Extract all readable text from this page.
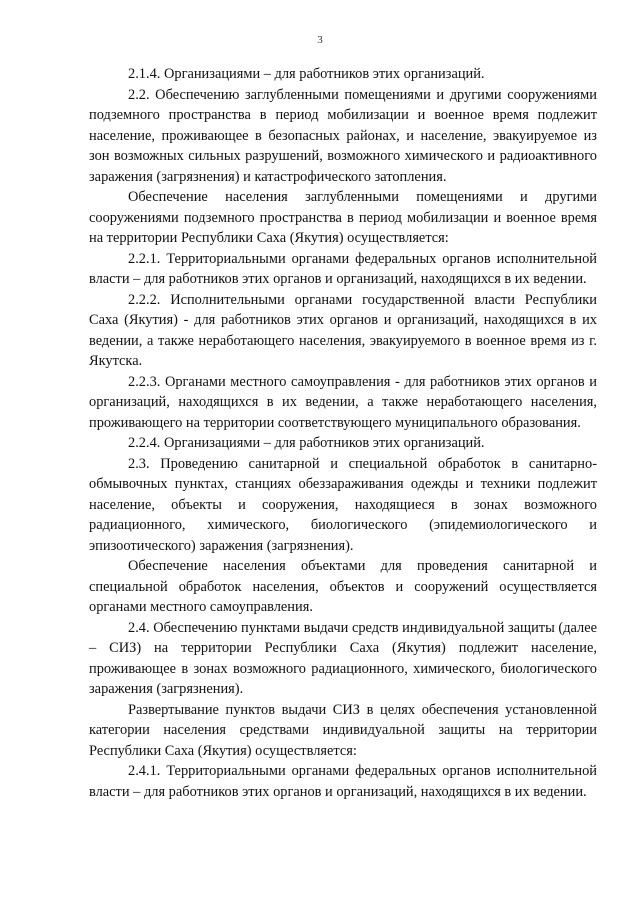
3

2.1.4. Организациями – для работников этих организаций.

2.2. Обеспечению заглубленными помещениями и другими сооружениями подземного пространства в период мобилизации и военное время подлежит население, проживающее в безопасных районах, и население, эвакуируемое из зон возможных сильных разрушений, возможного химического и радиоактивного заражения (загрязнения) и катастрофического затопления.

Обеспечение населения заглубленными помещениями и другими сооружениями подземного пространства в период мобилизации и военное время на территории Республики Саха (Якутия) осуществляется:

2.2.1. Территориальными органами федеральных органов исполнительной власти – для работников этих органов и организаций, находящихся в их ведении.

2.2.2. Исполнительными органами государственной власти Республики Саха (Якутия) - для работников этих органов и организаций, находящихся в их ведении, а также неработающего населения, эвакуируемого в военное время из г. Якутска.

2.2.3. Органами местного самоуправления - для работников этих органов и организаций, находящихся в их ведении, а также неработающего населения, проживающего на территории соответствующего муниципального образования.

2.2.4. Организациями – для работников этих организаций.

2.3. Проведению санитарной и специальной обработок в санитарно-обмывочных пунктах, станциях обеззараживания одежды и техники подлежит население, объекты и сооружения, находящиеся в зонах возможного радиационного, химического, биологического (эпидемиологического и эпизоотического) заражения (загрязнения).

Обеспечение населения объектами для проведения санитарной и специальной обработок населения, объектов и сооружений осуществляется органами местного самоуправления.

2.4. Обеспечению пунктами выдачи средств индивидуальной защиты (далее – СИЗ) на территории Республики Саха (Якутия) подлежит население, проживающее в зонах возможного радиационного, химического, биологического заражения (загрязнения).

Развертывание пунктов выдачи СИЗ в целях обеспечения установленной категории населения средствами индивидуальной защиты на территории Республики Саха (Якутия) осуществляется:

2.4.1. Территориальными органами федеральных органов исполнительной власти – для работников этих органов и организаций, находящихся в их ведении.
